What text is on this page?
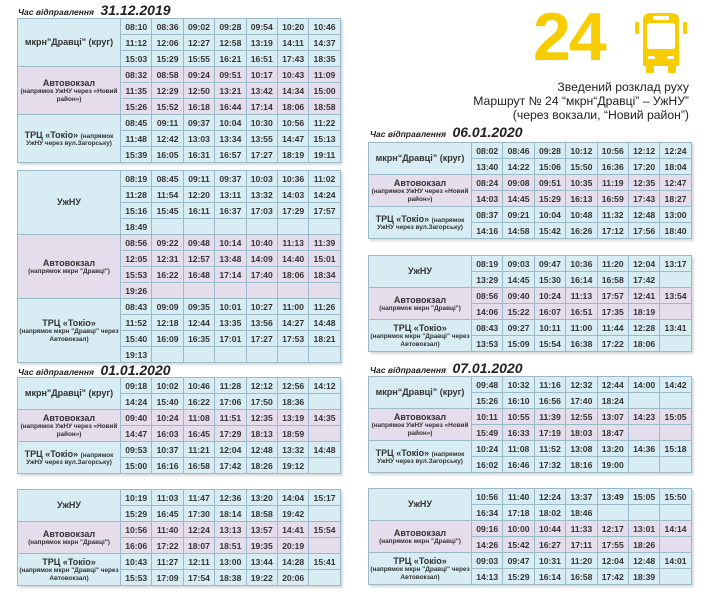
24
Зведений розклад руху
Маршрут № 24 “мкрн“Дравці” – УжНУ”
(через вокзали, “Новий район”)
Час відправлення 31.12.2019
Час відправлення 01.01.2020
Час відправлення 06.01.2020
Час відправлення 07.01.2020
мкрн"Дравці" (круг)	08:10	08:36	09:02	09:28	09:54	10:20	10:46
	11:12	12:06	12:27	12:58	13:19	14:11	14:37
	15:03	15:29	15:55	16:21	16:51	17:43	18:35
Автовокзал
(напрямок УжНУ через «Новий район»)	08:32	08:58	09:24	09:51	10:17	10:43	11:09
	11:35	12:29	12:50	13:21	13:42	14:34	15:00
	15:26	15:52	16:18	16:44	17:14	18:06	18:58
ТРЦ «Токіо» (напрямок
УжНУ через вул.Загорську)	08:45	09:11	09:37	10:04	10:30	10:56	11:22
	11:48	12:42	13:03	13:34	13:55	14:47	15:13
	15:39	16:05	16:31	16:57	17:27	18:19	19:11
УжНУ	08:19	08:45	09:11	09:37	10:03	10:36	11:02
	11:28	11:54	12:20	13:11	13:32	14:03	14:24
	15:16	15:45	16:11	16:37	17:03	17:29	17:57
	18:49						
Автовокзал
(напрямок мкрн "Дравці")	08:56	09:22	09:48	10:14	10:40	11:13	11:39
	12:05	12:31	12:57	13:48	14:09	14:40	15:01
	15:53	16:22	16:48	17:14	17:40	18:06	18:34
	19:26						
ТРЦ «Токіо»
(напрямок мкрн "Дравці" через Автовокзал)	08:43	09:09	09:35	10:01	10:27	11:00	11:26
	11:52	12:18	12:44	13:35	13:56	14:27	14:48
	15:40	16:09	16:35	17:01	17:27	17:53	18:21
	19:13						
мкрн"Дравці" (круг)	09:18	10:02	10:46	11:28	12:12	12:56	14:12
	14:24	15:40	16:22	17:06	17:50	18:36	
Автовокзал
(напрямок УжНУ через «Новий район»)	09:40	10:24	11:08	11:51	12:35	13:19	14:35
	14:47	16:03	16:45	17:29	18:13	18:59	
ТРЦ «Токіо» (напрямок
УжНУ через вул.Загорську)	09:53	10:37	11:21	12:04	12:48	13:32	14:48
	15:00	16:16	16:58	17:42	18:26	19:12	
УжНУ	10:19	11:03	11:47	12:36	13:20	14:04	15:17
	15:29	16:45	17:30	18:14	18:58	19:42	
Автовокзал
(напрямок мкрн "Дравці")	10:56	11:40	12:24	13:13	13:57	14:41	15:54
	16:06	17:22	18:07	18:51	19:35	20:19	
ТРЦ «Токіо»
(напрямок мкрн "Дравці" через Автовокзал)	10:43	11:27	12:11	13:00	13:44	14:28	15:41
	15:53	17:09	17:54	18:38	19:22	20:06	
мкрн“Дравці” (круг)	08:02	08:46	09:28	10:12	10:56	12:12	12:24
	13:40	14:22	15:06	15:50	16:36	17:20	18:04
Автовокзал
(напрямок УжНУ через «Новий район»)	08:24	09:08	09:51	10:35	11:19	12:35	12:47
	14:03	14:45	15:29	16:13	16:59	17:43	18:27
ТРЦ «Токіо» (напрямок
УжНУ через вул.Загорську)	08:37	09:21	10:04	10:48	11:32	12:48	13:00
	14:16	14:58	15:42	16:26	17:12	17:56	18:40
УжНУ	08:19	09:03	09:47	10:36	11:20	12:04	13:17
	13:29	14:45	15:30	16:14	16:58	17:42	
Автовокзал
(напрямок мкрн "Дравці")	08:56	09:40	10:24	11:13	17:57	12:41	13:54
	14:06	15:22	16:07	16:51	17:35	18:19	
ТРЦ «Токіо»
(напрямок мкрн "Дравці" через Автовокзал)	08:43	09:27	10:11	11:00	11:44	12:28	13:41
	13:53	15:09	15:54	16:38	17:22	18:06	
мкрн“Дравці” (круг)	09:48	10:32	11:16	12:32	12:44	14:00	14:42
	15:26	16:10	16:56	17:40	18:24		
Автовокзал
(напрямок УжНУ через «Новий район»)	10:11	10:55	11:39	12:55	13:07	14:23	15:05
	15:49	16:33	17:19	18:03	18:47		
ТРЦ «Токіо» (напрямок
УжНУ через вул.Загорську)	10:24	11:08	11:52	13:08	13:20	14:36	15:18
	16:02	16:46	17:32	18:16	19:00		
УжНУ	10:56	11:40	12:24	13:37	13:49	15:05	15:50
	16:34	17:18	18:02	18:46			
Автовокзал
(напрямок мкрн "Дравці")	09:16	10:00	10:44	11:33	12:17	13:01	14:14
	14:26	15:42	16:27	17:11	17:55	18:26	
ТРЦ «Токіо»
(напрямок мкрн "Дравці" через Автовокзал)	09:03	09:47	10:31	11:20	12:04	12:48	14:01
	14:13	15:29	16:14	16:58	17:42	18:39	
